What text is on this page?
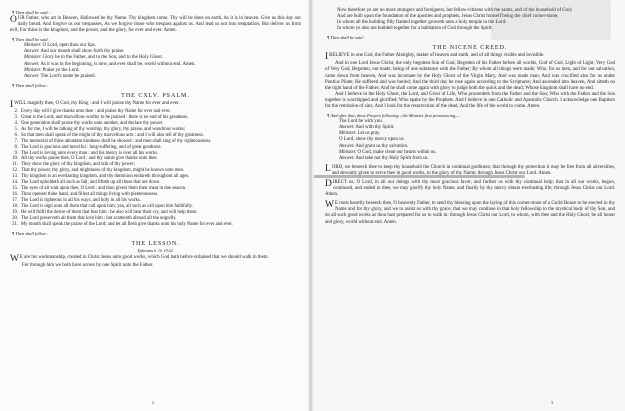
¶ Then shall be said :
OUR Father, who art in Heaven, Hallowed be thy Name. Thy kingdom come. Thy will be done on earth, As it is in heaven. Give us this day our daily bread. And forgive us our trespasses, As we forgive those who trespass against us. And lead us not into temptation; But deliver us from evil; For thine is the kingdom, and the power, and the glory, for ever and ever. Amen.
¶ Then shall be said :
Minister. O Lord, open thou our lips.
Answer. And our mouth shall show forth thy praise.
Minister. Glory be to the Father, and to the Son, and to the Holy Ghost.
Answer. As it was in the beginning, is now, and ever shall be, world without end. Amen.
Minister. Praise ye the Lord.
Answer. The Lord's name be praised.
¶ Then shall follow :
THE CXLV. PSALM.
IWILL magnify thee, O God, my King : and I will praise thy Name for ever and ever.
2. Every day will I give thanks unto thee : and praise thy Name for ever and ever.
3. Great is the Lord, and marvellous worthy to be praised : there is no end of his greatness.
4. One generation shall praise thy works unto another, and declare thy power.
5. As for me, I will be talking of thy worship, thy glory, thy praise, and wondrous works;
6. So that men shall speak of the might of thy marvellous acts : and I will also tell of thy greatness.
7. The memorial of thine abundant kindness shall be showed : and men shall sing of thy righteousness.
8. The Lord is gracious and merciful : long-suffering, and of great goodness.
9. The Lord is loving unto every man : and his mercy is over all his works.
10. All thy works praise thee, O Lord : and thy saints give thanks unto thee.
11. They show the glory of thy kingdom, and talk of thy power;
12. That thy power, thy glory, and mightiness of thy kingdom, might be known unto men.
13. Thy kingdom is an everlasting kingdom, and thy dominion endureth throughout all ages.
14. The Lord upholdeth all such as fall, and lifteth up all those that are down.
15. The eyes of all wait upon thee, O Lord : and thou givest them their meat in due season.
16. Thou openest thine hand, and fillest all things living with plenteousness.
17. The Lord is righteous in all his ways, and holy in all his works.
18. The Lord is nigh unto all them that call upon him; yea, all such as call upon him faithfully.
19. He will fulfil the desire of them that fear him : he also will hear their cry, and will help them.
20. The Lord preserveth all them that love him : but scattereth abroad all the ungodly.
21. My mouth shall speak the praise of the Lord; and let all flesh give thanks unto his holy Name for ever and ever.
¶ Then shall follow :
THE LESSON.
Ephesians ii. 10, 19-22.
W E are his workmanship, created in Christ Jesus unto good works, which God hath before ordained that we should walk in them.
For through him we both have access by one Spirit unto the Father.
2
Now therefore ye are no more strangers and foreigners, but fellow-citizens with the saints, and of the household of God;
And are built upon the foundation of the apostles and prophets, Jesus Christ himself being the chief corner-stone;
In whom all the building fitly framed together groweth unto a holy temple in the Lord:
In whom ye also are builded together for a habitation of God through the Spirit.
¶ Then shall be said :
THE NICENE CREED.
IBELIEVE in one God, the Father Almighty, maker of heaven and earth, and of all things visible and invisible.
And in one Lord Jesus Christ, the only begotten Son of God, Begotten of his Father before all worlds, God of God, Light of Light, Very God of Very God, Begotten, not made, being of one substance with the Father; By whom all things were made; Who, for us men, and for our salvation, came down from heaven, And was incarnate by the Holy Ghost of the Virgin Mary, And was made man; And was crucified also for us under Pontius Pilate; He suffered and was buried; And the third day he rose again according to the Scriptures; And ascended into heaven, And sitteth on the right hand of the Father; And he shall come again with glory to judge both the quick and the dead; Whose kingdom shall have no end.
And I believe in the Holy Ghost, the Lord, and Giver of Life, Who proceedeth from the Father and the Son; Who with the Father and the Son together is worshipped and glorified; Who spake by the Prophets. And I believe in one Catholic and Apostolic Church. I acknowledge one Baptism for the remission of sins; And I look for the resurrection of the dead, And the life of the world to come. Amen.
¶ And after that, these Prayers following ; the Minister first pronouncing,—
The Lord be with you.
Answer. And with thy Spirit.
Minister. Let us pray.
O Lord, show thy mercy upon us.
Answer. And grant us thy salvation.
Minister. O God, make clean our hearts within us.
Answer. And take not thy Holy Spirit from us.
LORD, we beseech thee to keep thy household the Church in continual godliness; that through thy protection it may be free from all adversities, and devoutly given to serve thee in good works, to the glory of thy Name; through Jesus Christ our Lord. Amen.
DIRECT us, O Lord, in all our doings with thy most gracious favor, and further us with thy continual help; that in all our works, begun, continued, and ended in thee, we may glorify thy holy Name, and finally by thy mercy obtain everlasting life; through Jesus Christ our Lord. Amen.
W E most heartily beseech thee, O heavenly Father, to send thy blessing upon the laying of this corner-stone of a Guild House to be erected in thy Name and for thy glory, and we to assist us with thy grace, that we may continue in that holy fellowship to the mystical body of thy Son, and do all such good works as thou hast prepared for us to walk in; through Jesus Christ our Lord, to whom, with thee and the Holy Ghost, be all honor and glory, world without end. Amen.
3
